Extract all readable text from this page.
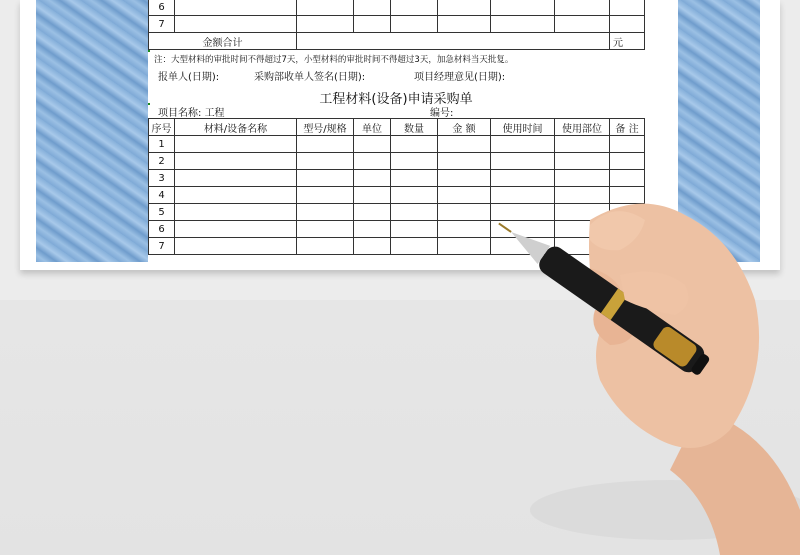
6								
7								
金额合计		元
注：大型材料的审批时间不得超过7天，小型材料的审批时间不得超过3天，加急材料当天批复。
报单人(日期):	采购部收单人签名(日期):	项目经理意见(日期):
工程材料(设备)申请采购单
项目名称: 工程	编号:
序号	材料/设备名称	型号/规格	单位	数量	金 额	使用时间	使用部位	备 注
1								
2								
3								
4								
5								
6								
7								
